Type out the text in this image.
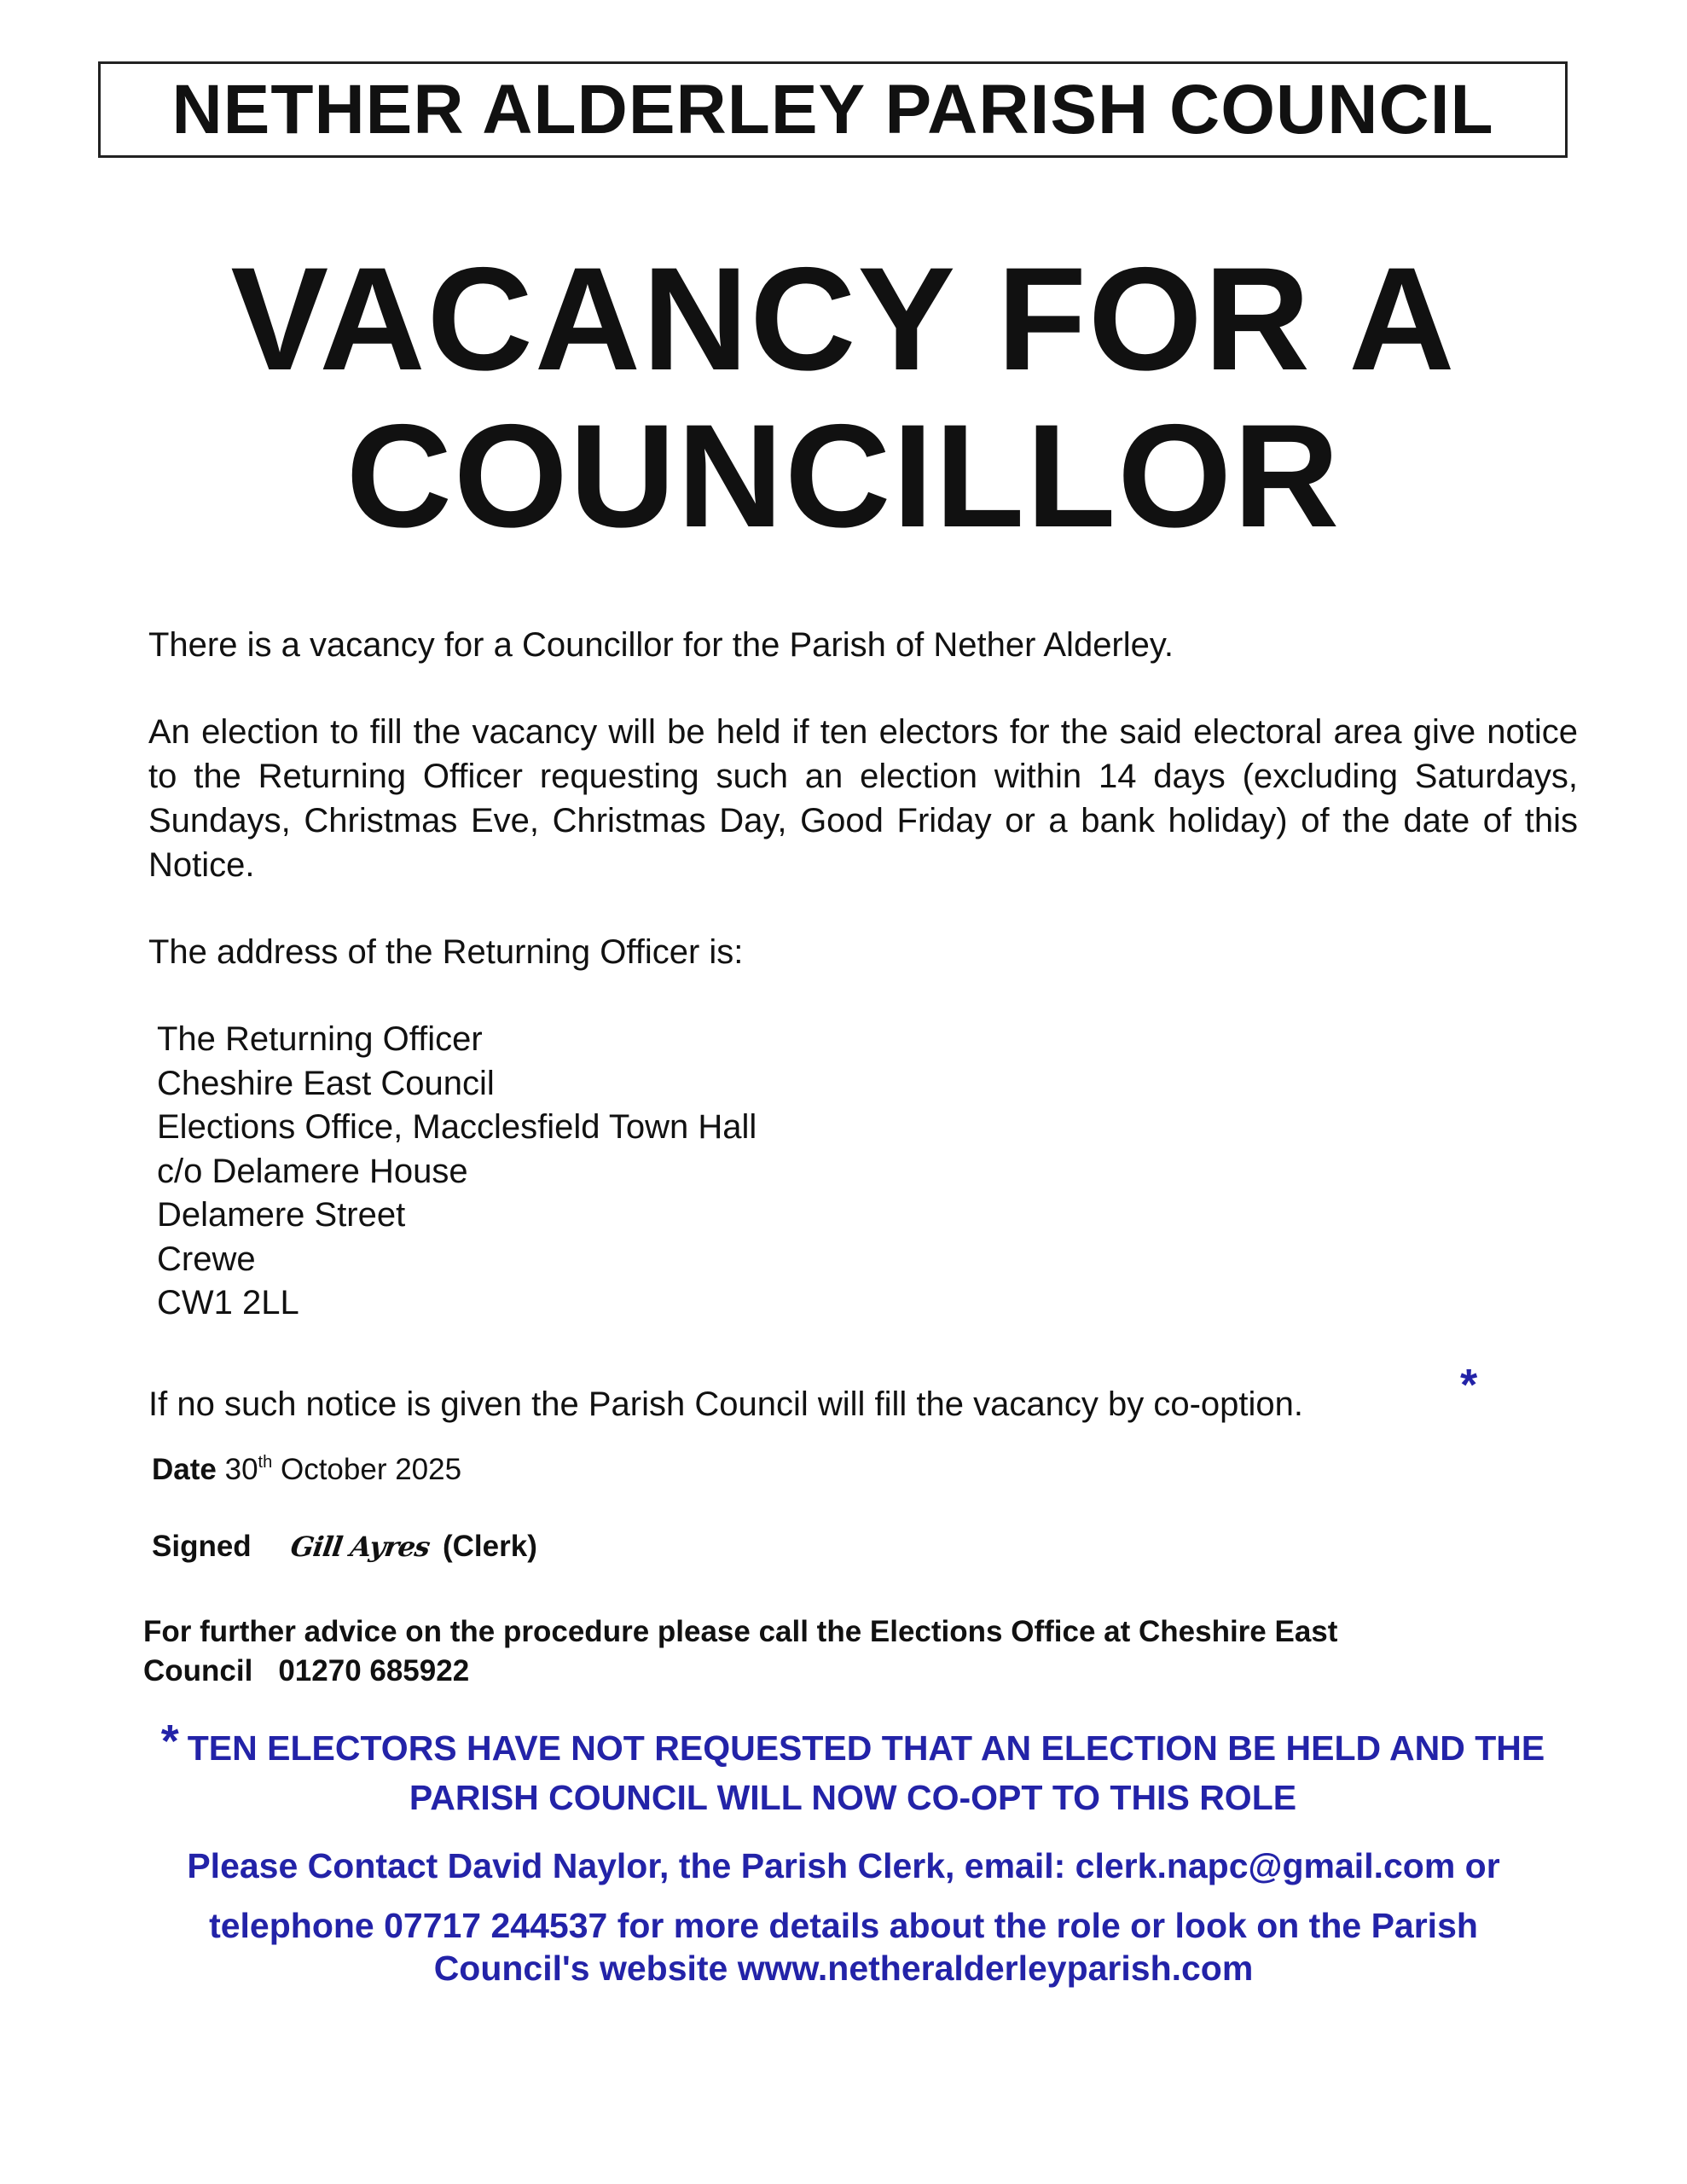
NETHER ALDERLEY PARISH COUNCIL
VACANCY FOR A
COUNCILLOR
There is a vacancy for a Councillor for the Parish of Nether Alderley.
An election to fill the vacancy will be held if ten electors for the said electoral area give notice to the Returning Officer requesting such an election within 14 days (excluding Saturdays, Sundays, Christmas Eve, Christmas Day, Good Friday or a bank holiday) of the date of this Notice.
The address of the Returning Officer is:
The Returning Officer
Cheshire East Council
Elections Office, Macclesfield Town Hall
c/o Delamere House
Delamere Street
Crewe
CW1 2LL
If no such notice is given the Parish Council will fill the vacancy by co-option.	*
Date 30th October 2025
Signed Gill Ayres (Clerk)
For further advice on the procedure please call the Elections Office at Cheshire East Council 01270 685922
* TEN ELECTORS HAVE NOT REQUESTED THAT AN ELECTION BE HELD AND THE
PARISH COUNCIL WILL NOW CO-OPT TO THIS ROLE
Please Contact David Naylor, the Parish Clerk, email: clerk.napc@gmail.com or
telephone 07717 244537 for more details about the role or look on the Parish
Council's website www.netheralderleyparish.com
